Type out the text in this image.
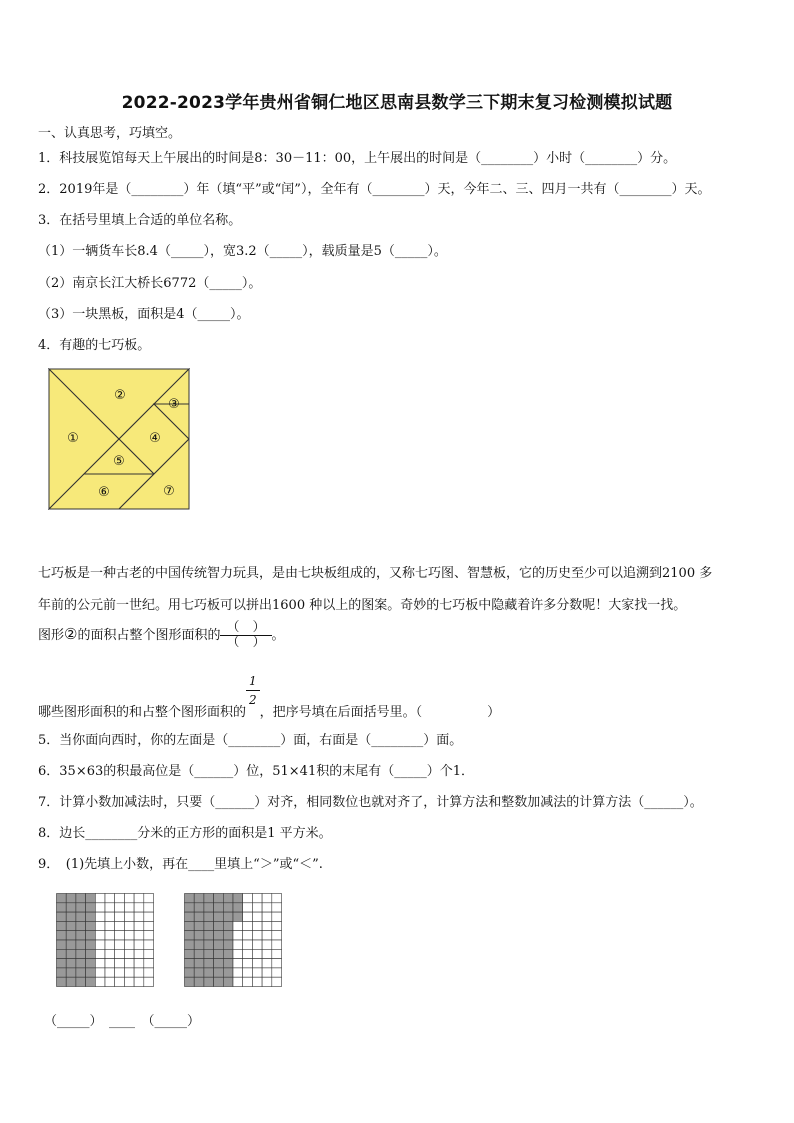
2022-2023学年贵州省铜仁地区思南县数学三下期末复习检测模拟试题
一、认真思考，巧填空。
1．科技展览馆每天上午展出的时间是8：30－11：00，上午展出的时间是（________）小时（________）分。
2．2019年是（________）年（填“平”或“闰”），全年有（________）天，今年二、三、四月一共有（________）天。
3．在括号里填上合适的单位名称。
（1）一辆货车长8.4（_____），宽3.2（_____），载质量是5（_____）。
（2）南京长江大桥长6772（_____）。
（3）一块黑板，面积是4（_____）。
4．有趣的七巧板。
①
②
③
④
⑤
⑥	⑦
七巧板是一种古老的中国传统智力玩具，是由七块板组成的，又称七巧图、智慧板，它的历史至少可以追溯到2100 多
年前的公元前一世纪。用七巧板可以拼出1600 种以上的图案。奇妙的七巧板中隐藏着许多分数呢！大家找一找。
图形②的面积占整个图形面积的 $\frac{( )}{( )}$ 。
哪些图形面积的和占整个图形面积的
$\frac{1}{2}$
，把序号填在后面括号里。（　　　　　）
5．当你面向西时，你的左面是（________）面，右面是（________）面。
6．35×63的积最高位是（______）位，51×41积的末尾有（_____）个1．
7．计算小数加减法时，只要（______）对齐，相同数位也就对齐了，计算方法和整数加减法的计算方法（______）。
8．边长________分米的正方形的面积是1 平方米。
9．　(1)先填上小数，再在____里填上“＞”或“＜”.
（_____）　____　（_____）
